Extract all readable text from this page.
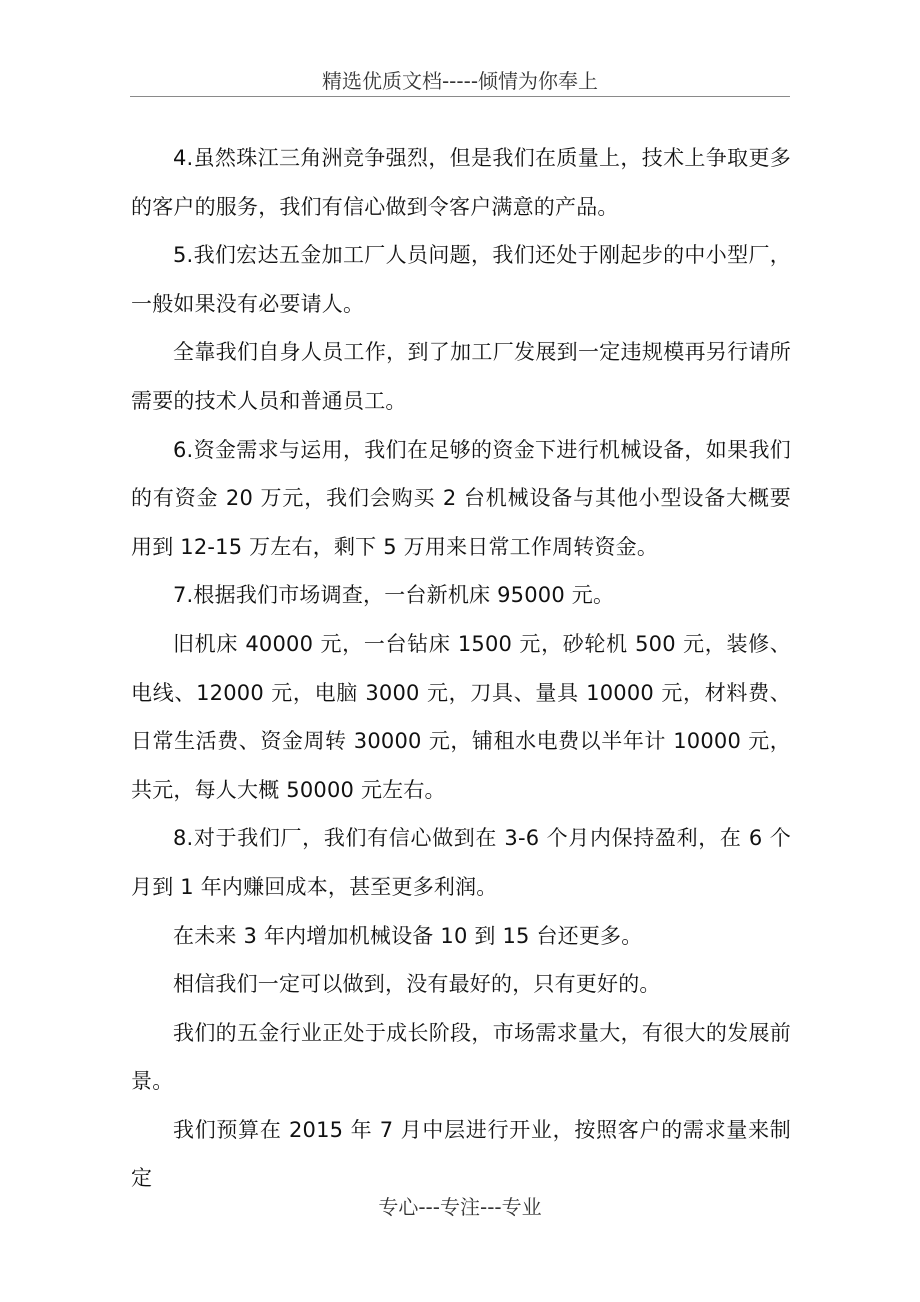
精选优质文档-----倾情为你奉上

4.虽然珠江三角洲竞争强烈，但是我们在质量上，技术上争取更多的客户的服务，我们有信心做到令客户满意的产品。

5.我们宏达五金加工厂人员问题，我们还处于刚起步的中小型厂，一般如果没有必要请人。

全靠我们自身人员工作，到了加工厂发展到一定违规模再另行请所需要的技术人员和普通员工。

6.资金需求与运用，我们在足够的资金下进行机械设备，如果我们的有资金 20 万元，我们会购买 2 台机械设备与其他小型设备大概要用到 12-15 万左右，剩下 5 万用来日常工作周转资金。

7.根据我们市场调查，一台新机床 95000 元。

旧机床 40000 元，一台钻床 1500 元，砂轮机 500 元，装修、电线、12000 元，电脑 3000 元，刀具、量具 10000 元，材料费、日常生活费、资金周转 30000 元，铺租水电费以半年计 10000 元，共元，每人大概 50000 元左右。

8.对于我们厂，我们有信心做到在 3-6 个月内保持盈利，在 6 个月到 1 年内赚回成本，甚至更多利润。

在未来 3 年内增加机械设备 10 到 15 台还更多。

相信我们一定可以做到，没有最好的，只有更好的。

我们的五金行业正处于成长阶段，市场需求量大，有很大的发展前景。

我们预算在 2015 年 7 月中层进行开业，按照客户的需求量来制定

专心---专注---专业
